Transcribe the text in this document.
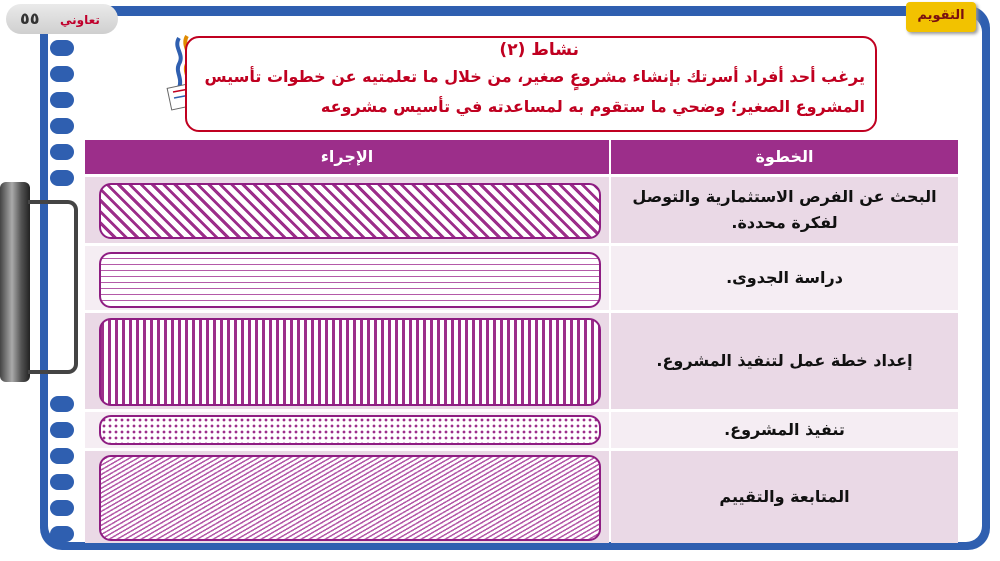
٥٥ تعاوني	التقويم
نشاط (٢)
يرغب أحد أفراد أسرتك بإنشاء مشروعٍ صغير، من خلال ما تعلمتيه عن خطوات تأسيس المشروع الصغير؛ وضحي ما ستقوم به لمساعدته في تأسيس مشروعه
الخطوة
الإجراء
البحث عن الفرص الاستثمارية والتوصل لفكرة محددة.
دراسة الجدوى.
إعداد خطة عمل لتنفيذ المشروع.
تنفيذ المشروع.
المتابعة والتقييم
